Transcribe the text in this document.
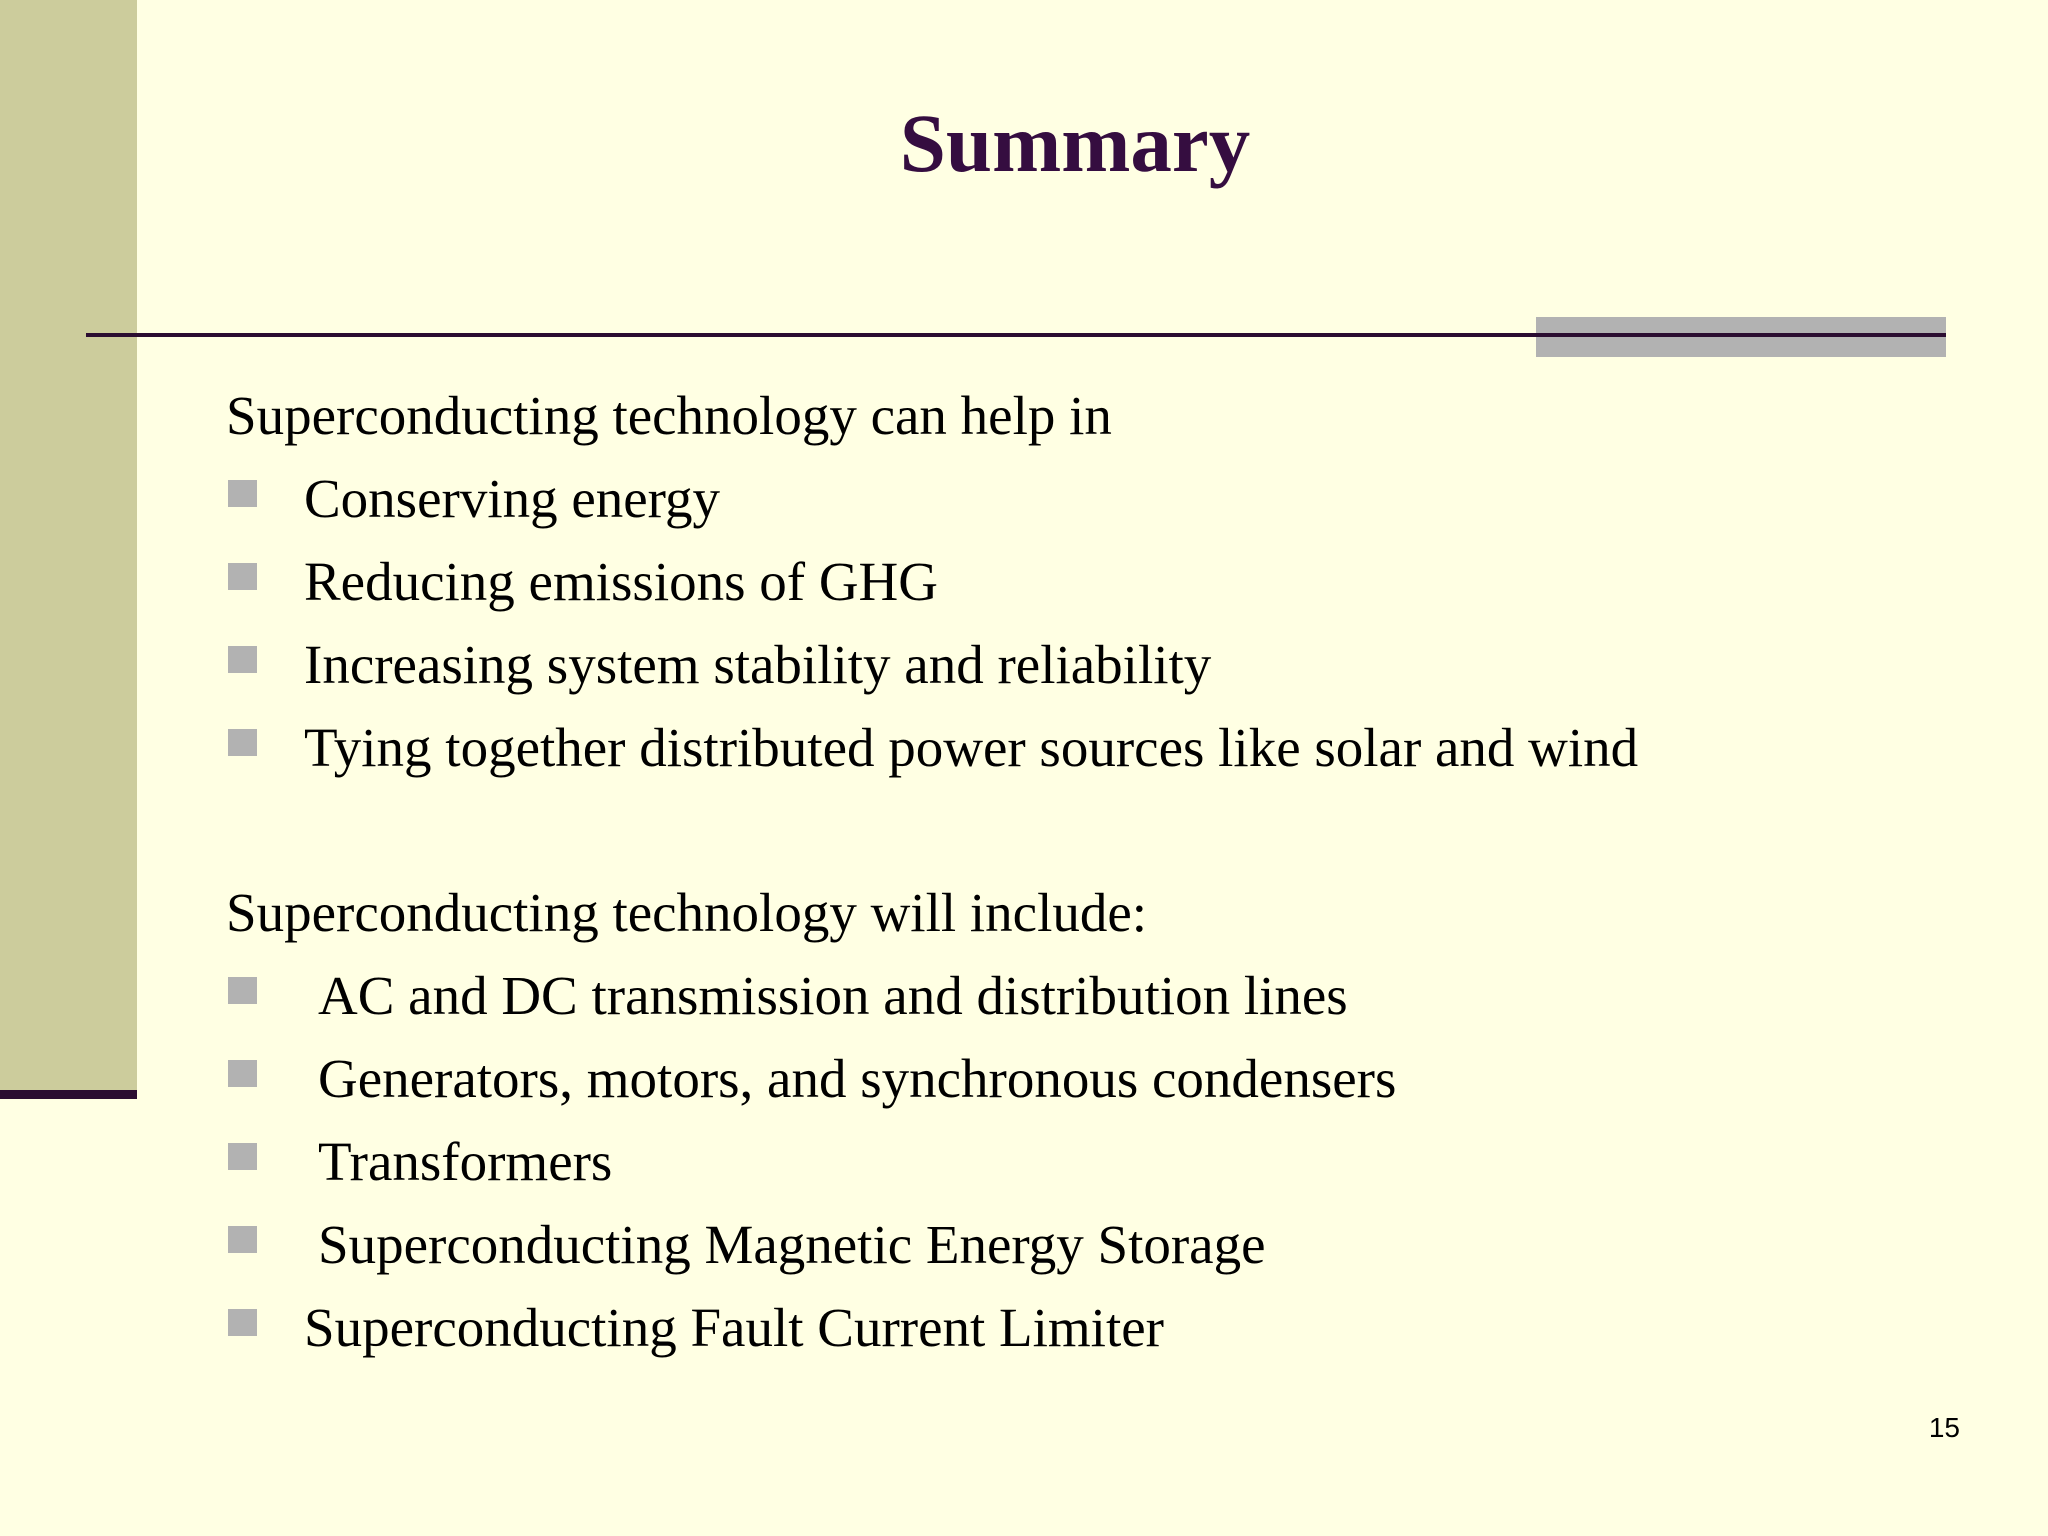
Summary

Superconducting technology can help in

Conserving energy
Reducing emissions of GHG
Increasing system stability and reliability
Tying together distributed power sources like solar and wind

Superconducting technology will include:

AC and DC transmission and distribution lines
Generators, motors, and synchronous condensers
Transformers
Superconducting Magnetic Energy Storage
Superconducting Fault Current Limiter
15
